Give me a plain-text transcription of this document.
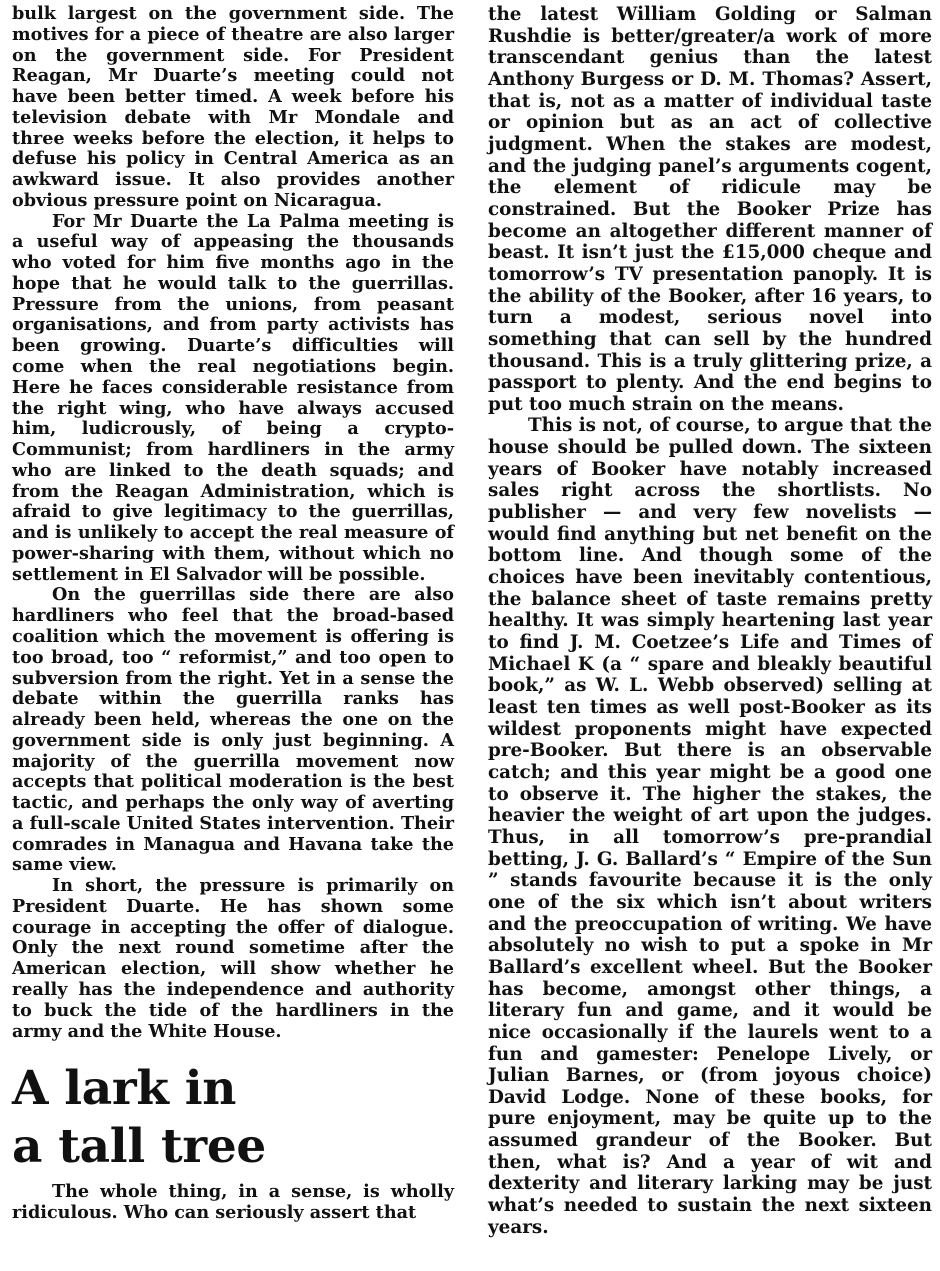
bulk largest on the government side. The motives for a piece of theatre are also larger on the government side. For President Reagan, Mr Duarte’s meeting could not have been better timed. A week before his television debate with Mr Mondale and three weeks before the election, it helps to defuse his policy in Central America as an awkward issue. It also provides another obvious pressure point on Nicaragua.

For Mr Duarte the La Palma meeting is a useful way of appeasing the thousands who voted for him five months ago in the hope that he would talk to the guerrillas. Pressure from the unions, from peasant organisations, and from party activists has been growing. Duarte’s difficulties will come when the real negotiations begin. Here he faces considerable resistance from the right wing, who have always accused him, ludicrously, of being a crypto-Communist; from hardliners in the army who are linked to the death squads; and from the Reagan Administration, which is afraid to give legitimacy to the guerrillas, and is unlikely to accept the real measure of power-sharing with them, without which no settlement in El Salvador will be possible.

On the guerrillas side there are also hardliners who feel that the broad-based coalition which the movement is offering is too broad, too “ reformist,” and too open to subversion from the right. Yet in a sense the debate within the guerrilla ranks has already been held, whereas the one on the government side is only just beginning. A majority of the guerrilla movement now accepts that political moderation is the best tactic, and perhaps the only way of averting a full-scale United States intervention. Their comrades in Managua and Havana take the same view.

In short, the pressure is primarily on President Duarte. He has shown some courage in accepting the offer of dialogue. Only the next round sometime after the American election, will show whether he really has the independence and authority to buck the tide of the hardliners in the army and the White House.

A lark in
a tall tree

The whole thing, in a sense, is wholly ridiculous. Who can seriously assert that

the latest William Golding or Salman Rushdie is better/greater/a work of more transcendant genius than the latest Anthony Burgess or D. M. Thomas? Assert, that is, not as a matter of individual taste or opinion but as an act of collective judgment. When the stakes are modest, and the judging panel’s arguments cogent, the element of ridicule may be constrained. But the Booker Prize has become an altogether different manner of beast. It isn’t just the £15,000 cheque and tomorrow’s TV presentation panoply. It is the ability of the Booker, after 16 years, to turn a modest, serious novel into something that can sell by the hundred thousand. This is a truly glittering prize, a passport to plenty. And the end begins to put too much strain on the means.

This is not, of course, to argue that the house should be pulled down. The sixteen years of Booker have notably increased sales right across the shortlists. No publisher — and very few novelists — would find anything but net benefit on the bottom line. And though some of the choices have been inevitably contentious, the balance sheet of taste remains pretty healthy. It was simply heartening last year to find J. M. Coetzee’s Life and Times of Michael K (a “ spare and bleakly beautiful book,” as W. L. Webb observed) selling at least ten times as well post-Booker as its wildest proponents might have expected pre-Booker. But there is an observable catch; and this year might be a good one to observe it. The higher the stakes, the heavier the weight of art upon the judges. Thus, in all tomorrow’s pre-prandial betting, J. G. Ballard’s “ Empire of the Sun ” stands favourite because it is the only one of the six which isn’t about writers and the preoccupation of writing. We have absolutely no wish to put a spoke in Mr Ballard’s excellent wheel. But the Booker has become, amongst other things, a literary fun and game, and it would be nice occasionally if the laurels went to a fun and gamester: Penelope Lively, or Julian Barnes, or (from joyous choice) David Lodge. None of these books, for pure enjoyment, may be quite up to the assumed grandeur of the Booker. But then, what is? And a year of wit and dexterity and literary larking may be just what’s needed to sustain the next sixteen years.
